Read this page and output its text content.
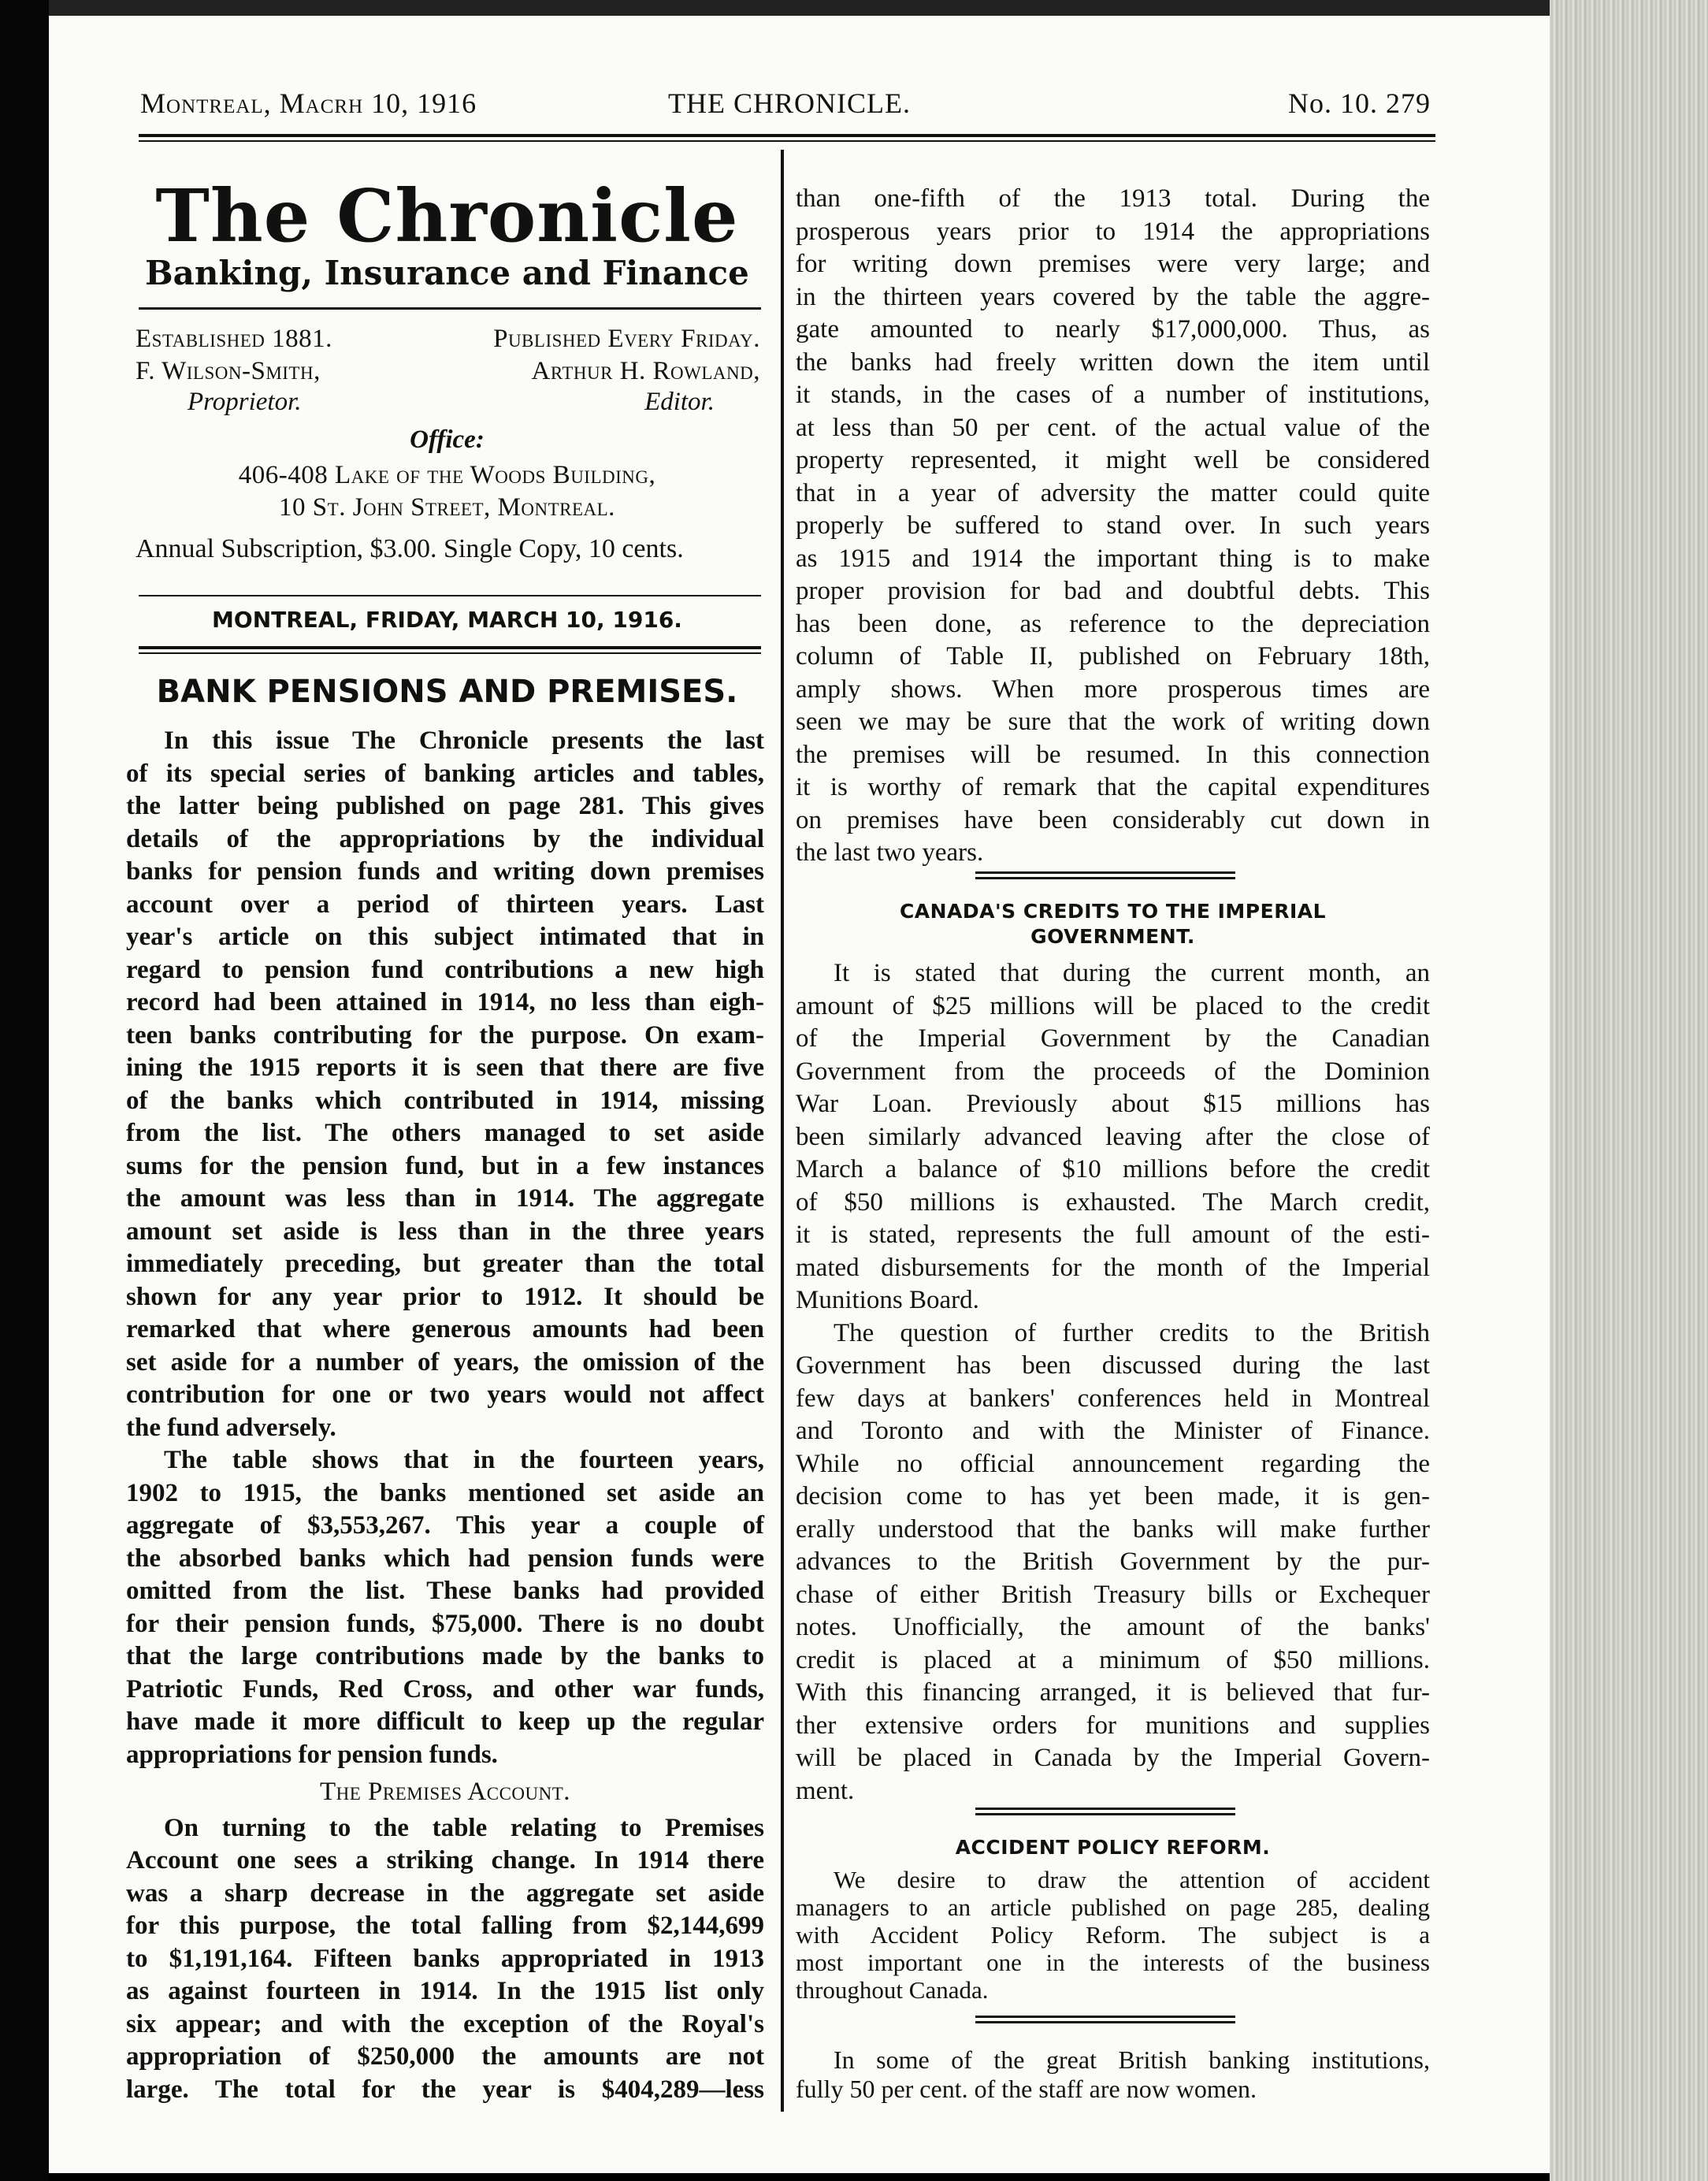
Montreal, Macrh 10, 1916	THE CHRONICLE.	No. 10. 279
The Chronicle
Banking, Insurance and Finance
Established 1881.	Published Every Friday.
F. Wilson-Smith,
Proprietor.
Arthur H. Rowland,
Editor.
Office:
406-408 Lake of the Woods Building,
10 St. John Street, Montreal.
Annual Subscription, $3.00. Single Copy, 10 cents.
MONTREAL, FRIDAY, MARCH 10, 1916.
BANK PENSIONS AND PREMISES.
In this issue The Chronicle presents the last
of its special series of banking articles and tables,
the latter being published on page 281. This gives
details of the appropriations by the individual
banks for pension funds and writing down premises
account over a period of thirteen years. Last
year's article on this subject intimated that in
regard to pension fund contributions a new high
record had been attained in 1914, no less than eigh-
teen banks contributing for the purpose. On exam-
ining the 1915 reports it is seen that there are five
of the banks which contributed in 1914, missing
from the list. The others managed to set aside
sums for the pension fund, but in a few instances
the amount was less than in 1914. The aggregate
amount set aside is less than in the three years
immediately preceding, but greater than the total
shown for any year prior to 1912. It should be
remarked that where generous amounts had been
set aside for a number of years, the omission of the
contribution for one or two years would not affect
the fund adversely.
The table shows that in the fourteen years,
1902 to 1915, the banks mentioned set aside an
aggregate of $3,553,267. This year a couple of
the absorbed banks which had pension funds were
omitted from the list. These banks had provided
for their pension funds, $75,000. There is no doubt
that the large contributions made by the banks to
Patriotic Funds, Red Cross, and other war funds,
have made it more difficult to keep up the regular
appropriations for pension funds.
The Premises Account.
On turning to the table relating to Premises
Account one sees a striking change. In 1914 there
was a sharp decrease in the aggregate set aside
for this purpose, the total falling from $2,144,699
to $1,191,164. Fifteen banks appropriated in 1913
as against fourteen in 1914. In the 1915 list only
six appear; and with the exception of the Royal's
appropriation of $250,000 the amounts are not
large. The total for the year is $404,289—less
than one-fifth of the 1913 total. During the
prosperous years prior to 1914 the appropriations
for writing down premises were very large; and
in the thirteen years covered by the table the aggre-
gate amounted to nearly $17,000,000. Thus, as
the banks had freely written down the item until
it stands, in the cases of a number of institutions,
at less than 50 per cent. of the actual value of the
property represented, it might well be considered
that in a year of adversity the matter could quite
properly be suffered to stand over. In such years
as 1915 and 1914 the important thing is to make
proper provision for bad and doubtful debts. This
has been done, as reference to the depreciation
column of Table II, published on February 18th,
amply shows. When more prosperous times are
seen we may be sure that the work of writing down
the premises will be resumed. In this connection
it is worthy of remark that the capital expenditures
on premises have been considerably cut down in
the last two years.
CANADA'S CREDITS TO THE IMPERIAL
GOVERNMENT.
It is stated that during the current month, an
amount of $25 millions will be placed to the credit
of the Imperial Government by the Canadian
Government from the proceeds of the Dominion
War Loan. Previously about $15 millions has
been similarly advanced leaving after the close of
March a balance of $10 millions before the credit
of $50 millions is exhausted. The March credit,
it is stated, represents the full amount of the esti-
mated disbursements for the month of the Imperial
Munitions Board.
The question of further credits to the British
Government has been discussed during the last
few days at bankers' conferences held in Montreal
and Toronto and with the Minister of Finance.
While no official announcement regarding the
decision come to has yet been made, it is gen-
erally understood that the banks will make further
advances to the British Government by the pur-
chase of either British Treasury bills or Exchequer
notes. Unofficially, the amount of the banks'
credit is placed at a minimum of $50 millions.
With this financing arranged, it is believed that fur-
ther extensive orders for munitions and supplies
will be placed in Canada by the Imperial Govern-
ment.
ACCIDENT POLICY REFORM.
We desire to draw the attention of accident
managers to an article published on page 285, dealing
with Accident Policy Reform. The subject is a
most important one in the interests of the business
throughout Canada.
In some of the great British banking institutions,
fully 50 per cent. of the staff are now women.
